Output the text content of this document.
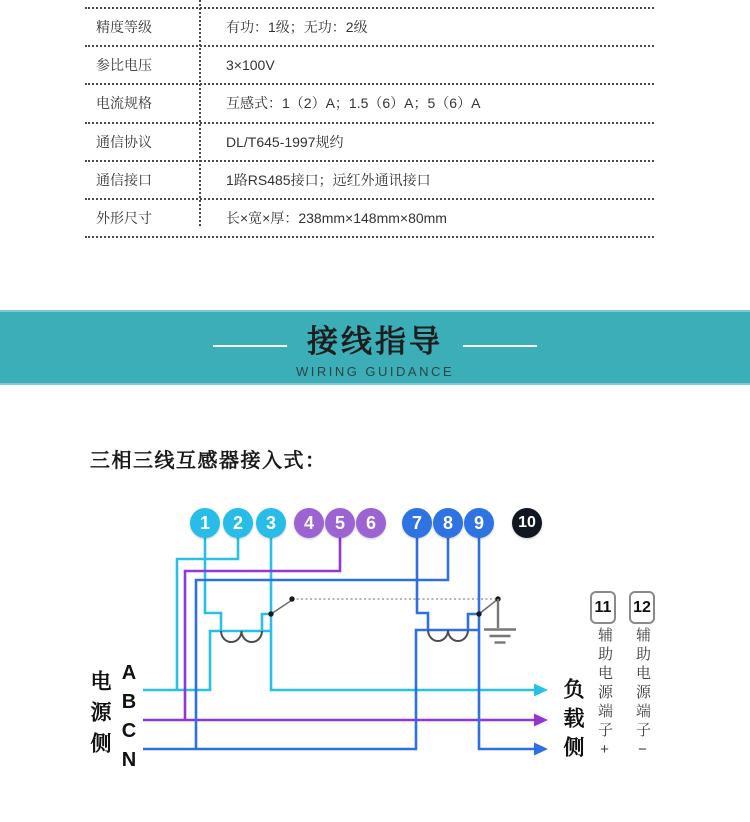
精度等级	有功：1级；无功：2级
参比电压	3×100V
电流规格	互感式：1（2）A；1.5（6）A；5（6）A
通信协议	DL/T645-1997规约
通信接口	1路RS485接口；远红外通讯接口
外形尺寸	长×宽×厚：238mm×148mm×80mm
接线指导
WIRING GUIDANCE
三相三线互感器接入式：
1	2	3	4	5	6	7	8	9	10
电源侧 A
B
C
N	负载侧
11 12
辅助电源端子+ 辅助电源端子−
